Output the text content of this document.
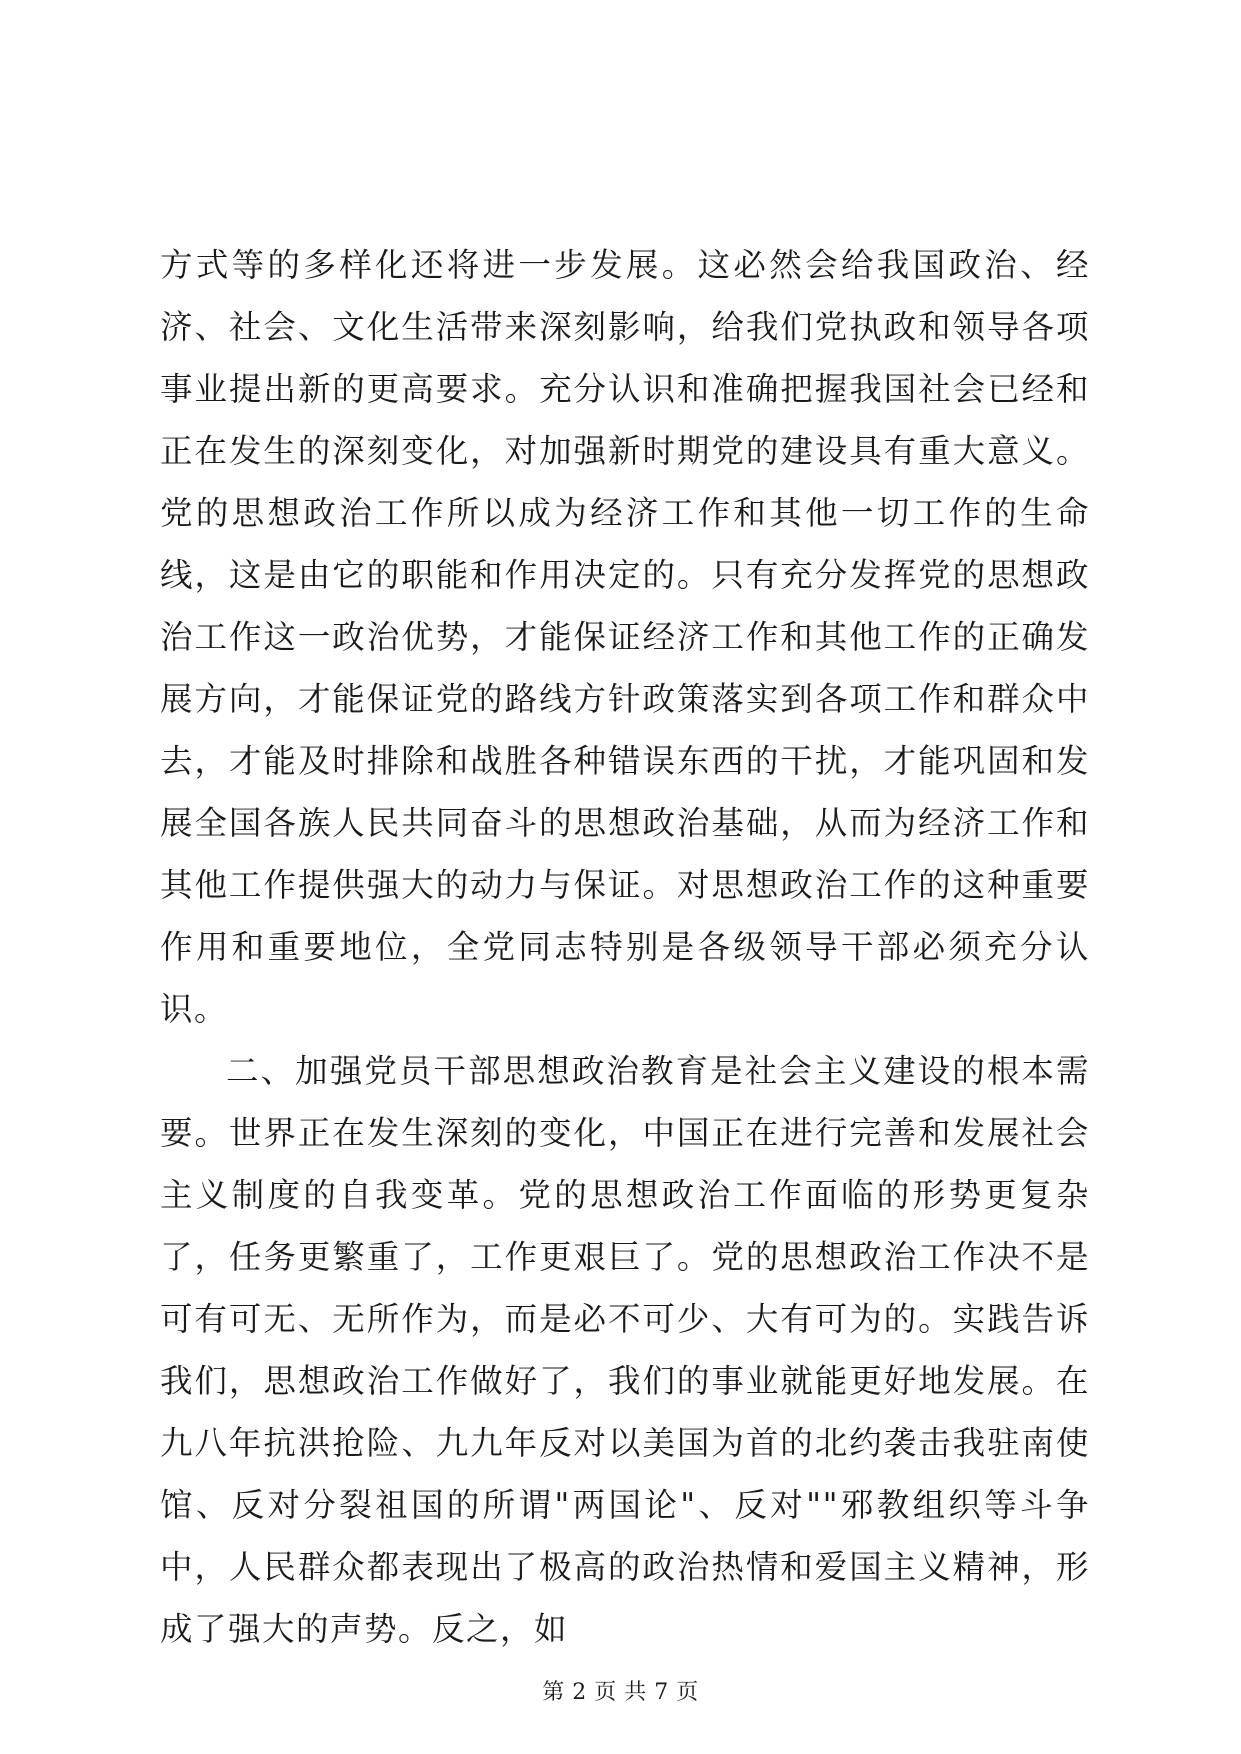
方式等的多样化还将进一步发展。这必然会给我国政治、经济、社会、文化生活带来深刻影响，给我们党执政和领导各项事业提出新的更高要求。充分认识和准确把握我国社会已经和正在发生的深刻变化，对加强新时期党的建设具有重大意义。党的思想政治工作所以成为经济工作和其他一切工作的生命线，这是由它的职能和作用决定的。只有充分发挥党的思想政治工作这一政治优势，才能保证经济工作和其他工作的正确发展方向，才能保证党的路线方针政策落实到各项工作和群众中去，才能及时排除和战胜各种错误东西的干扰，才能巩固和发展全国各族人民共同奋斗的思想政治基础，从而为经济工作和其他工作提供强大的动力与保证。对思想政治工作的这种重要作用和重要地位，全党同志特别是各级领导干部必须充分认识。

二、加强党员干部思想政治教育是社会主义建设的根本需要。世界正在发生深刻的变化，中国正在进行完善和发展社会主义制度的自我变革。党的思想政治工作面临的形势更复杂了，任务更繁重了，工作更艰巨了。党的思想政治工作决不是可有可无、无所作为，而是必不可少、大有可为的。实践告诉我们，思想政治工作做好了，我们的事业就能更好地发展。在九八年抗洪抢险、九九年反对以美国为首的北约袭击我驻南使馆、反对分裂祖国的所谓"两国论"、反对""邪教组织等斗争中，人民群众都表现出了极高的政治热情和爱国主义精神，形成了强大的声势。反之，如

第 2 页 共 7 页
